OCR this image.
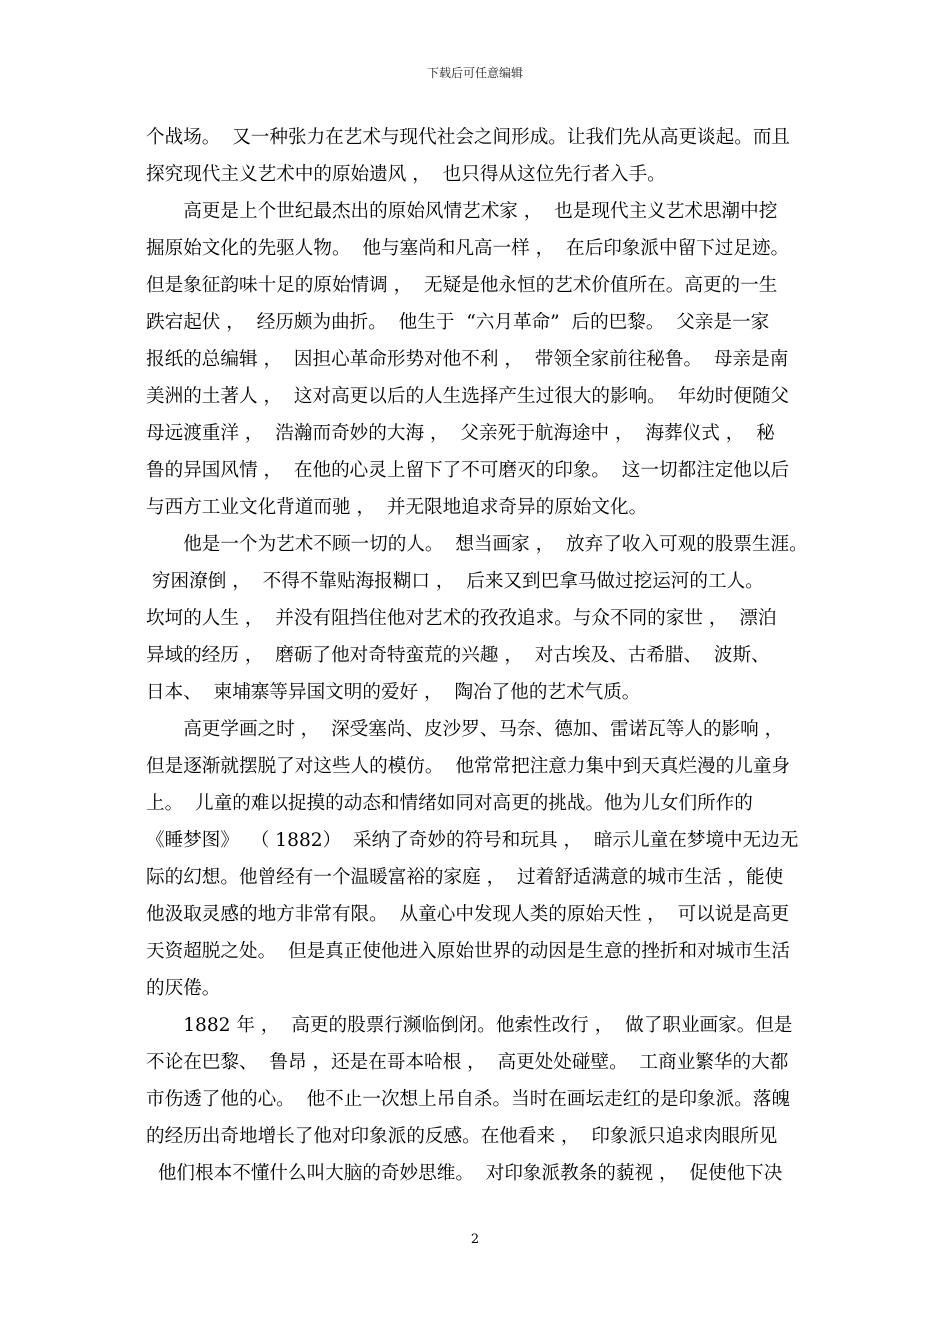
下载后可任意编辑
个战场。  又一种张力在艺术与现代社会之间形成。让我们先从高更谈起。而且
探究现代主义艺术中的原始遗风 ，  也只得从这位先行者入手。
　　高更是上个世纪最杰出的原始风情艺术家 ，  也是现代主义艺术思潮中挖
掘原始文化的先驱人物。  他与塞尚和凡高一样 ，  在后印象派中留下过足迹。
但是象征韵味十足的原始情调 ，  无疑是他永恒的艺术价值所在。高更的一生
跌宕起伏 ，  经历颇为曲折。  他生于  “六月革命”  后的巴黎。  父亲是一家
报纸的总编辑 ，  因担心革命形势对他不利 ，  带领全家前往秘鲁。  母亲是南
美洲的土著人 ，  这对高更以后的人生选择产生过很大的影响。  年幼时便随父
母远渡重洋 ，  浩瀚而奇妙的大海 ，  父亲死于航海途中 ，  海葬仪式 ，  秘
鲁的异国风情 ，  在他的心灵上留下了不可磨灭的印象。  这一切都注定他以后
与西方工业文化背道而驰 ，  并无限地追求奇异的原始文化。
　　他是一个为艺术不顾一切的人。  想当画家 ，  放弃了收入可观的股票生涯。
穷困潦倒 ，  不得不靠贴海报糊口 ，  后来又到巴拿马做过挖运河的工人。
坎坷的人生 ，  并没有阻挡住他对艺术的孜孜追求。与众不同的家世 ，  漂泊
异域的经历 ，  磨砺了他对奇特蛮荒的兴趣 ，  对古埃及、古希腊、  波斯、
日本、  柬埔寨等异国文明的爱好 ，  陶冶了他的艺术气质。
　　高更学画之时 ，  深受塞尚、皮沙罗、马奈、德加、雷诺瓦等人的影响 ，
但是逐渐就摆脱了对这些人的模仿。  他常常把注意力集中到天真烂漫的儿童身
上。  儿童的难以捉摸的动态和情绪如同对高更的挑战。他为儿女们所作的
《睡梦图》  （ 1882）  采纳了奇妙的符号和玩具 ，  暗示儿童在梦境中无边无
际的幻想。他曾经有一个温暖富裕的家庭 ，  过着舒适满意的城市生活 ，能使
他汲取灵感的地方非常有限。  从童心中发现人类的原始天性 ，  可以说是高更
天资超脱之处。  但是真正使他进入原始世界的动因是生意的挫折和对城市生活
的厌倦。
　　1882 年 ，  高更的股票行濒临倒闭。他索性改行 ，  做了职业画家。但是
不论在巴黎、  鲁昂 ，还是在哥本哈根 ，  高更处处碰壁。  工商业繁华的大都
市伤透了他的心。  他不止一次想上吊自杀。当时在画坛走红的是印象派。落魄
的经历出奇地增长了他对印象派的反感。在他看来 ，  印象派只追求肉眼所见
他们根本不懂什么叫大脑的奇妙思维。  对印象派教条的藐视 ，  促使他下决
2
